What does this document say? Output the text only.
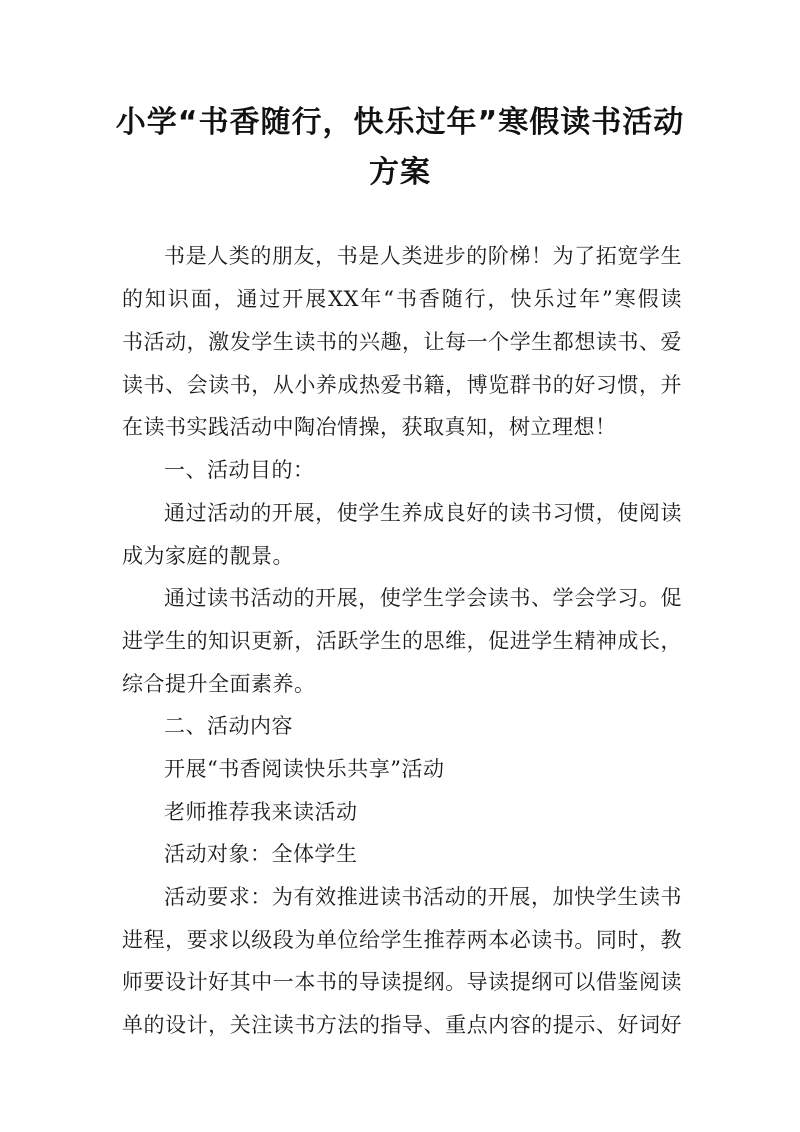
小学“书香随行，快乐过年”寒假读书活动
方案
书是人类的朋友，书是人类进步的阶梯！为了拓宽学生
的知识面，通过开展XX年“书香随行，快乐过年”寒假读
书活动，激发学生读书的兴趣，让每一个学生都想读书、爱
读书、会读书，从小养成热爱书籍，博览群书的好习惯，并
在读书实践活动中陶冶情操，获取真知，树立理想！
一、活动目的：
通过活动的开展，使学生养成良好的读书习惯，使阅读
成为家庭的靓景。
通过读书活动的开展，使学生学会读书、学会学习。促
进学生的知识更新，活跃学生的思维，促进学生精神成长，
综合提升全面素养。
二、活动内容
开展“书香阅读快乐共享”活动
老师推荐我来读活动
活动对象：全体学生
活动要求：为有效推进读书活动的开展，加快学生读书
进程，要求以级段为单位给学生推荐两本必读书。同时，教
师要设计好其中一本书的导读提纲。导读提纲可以借鉴阅读
单的设计，关注读书方法的指导、重点内容的提示、好词好
